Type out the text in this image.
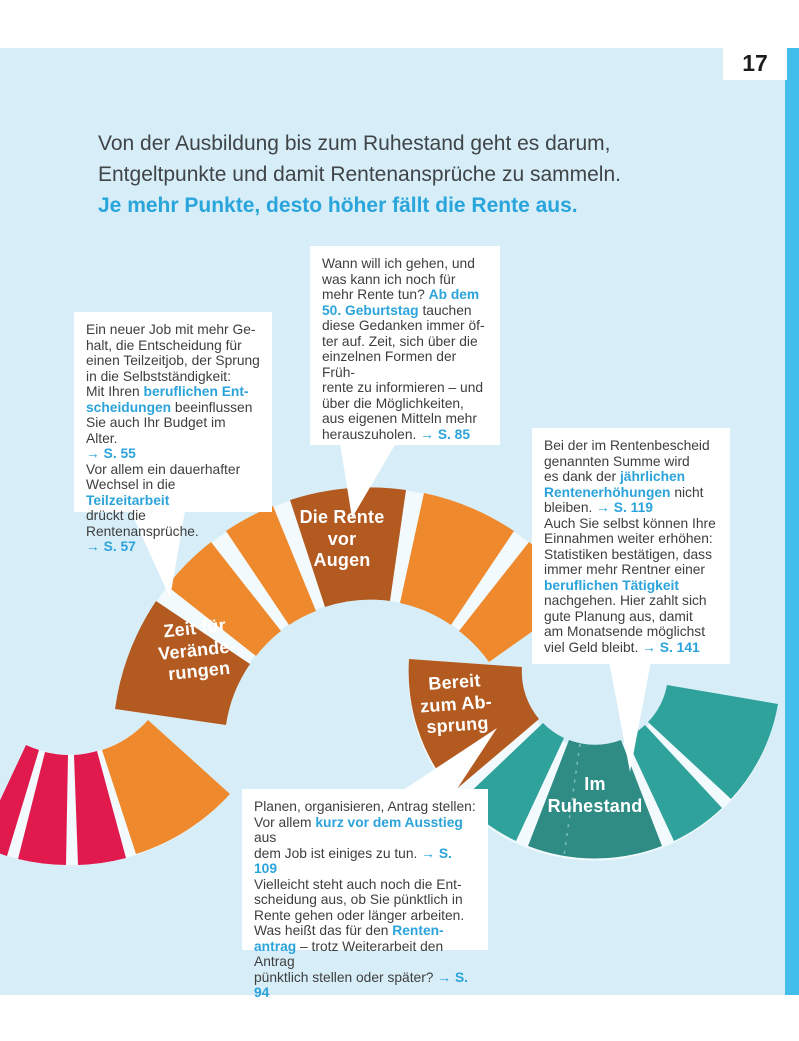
17
Von der Ausbildung bis zum Ruhestand geht es darum,
Entgeltpunkte und damit Rentenansprüche zu sammeln.
Je mehr Punkte, desto höher fällt die Rente aus.
Zeit für
Verände-
rungen
Die Rente
vor
Augen
Bereit
zum Ab-
sprung
Im
Ruhestand
Ein neuer Job mit mehr Ge-
halt, die Entscheidung für
einen Teilzeitjob, der Sprung
in die Selbstständigkeit:
Mit Ihren beruflichen Ent-
scheidungen beeinflussen
Sie auch Ihr Budget im Alter.
→ S. 55
Vor allem ein dauerhafter
Wechsel in die Teilzeitarbeit
drückt die Rentenansprüche.
→ S. 57
Wann will ich gehen, und
was kann ich noch für
mehr Rente tun? Ab dem
50. Geburtstag tauchen
diese Gedanken immer öf-
ter auf. Zeit, sich über die
einzelnen Formen der Früh-
rente zu informieren – und
über die Möglichkeiten,
aus eigenen Mitteln mehr
herauszuholen. → S. 85
Bei der im Rentenbescheid
genannten Summe wird
es dank der jährlichen
Rentenerhöhungen nicht
bleiben. → S. 119
Auch Sie selbst können Ihre
Einnahmen weiter erhöhen:
Statistiken bestätigen, dass
immer mehr Rentner einer
beruflichen Tätigkeit
nachgehen. Hier zahlt sich
gute Planung aus, damit
am Monatsende möglichst
viel Geld bleibt. → S. 141
Planen, organisieren, Antrag stellen:
Vor allem kurz vor dem Ausstieg aus
dem Job ist einiges zu tun. → S. 109
Vielleicht steht auch noch die Ent-
scheidung aus, ob Sie pünktlich in
Rente gehen oder länger arbeiten.
Was heißt das für den Renten-
antrag – trotz Weiterarbeit den Antrag
pünktlich stellen oder später? → S. 94
